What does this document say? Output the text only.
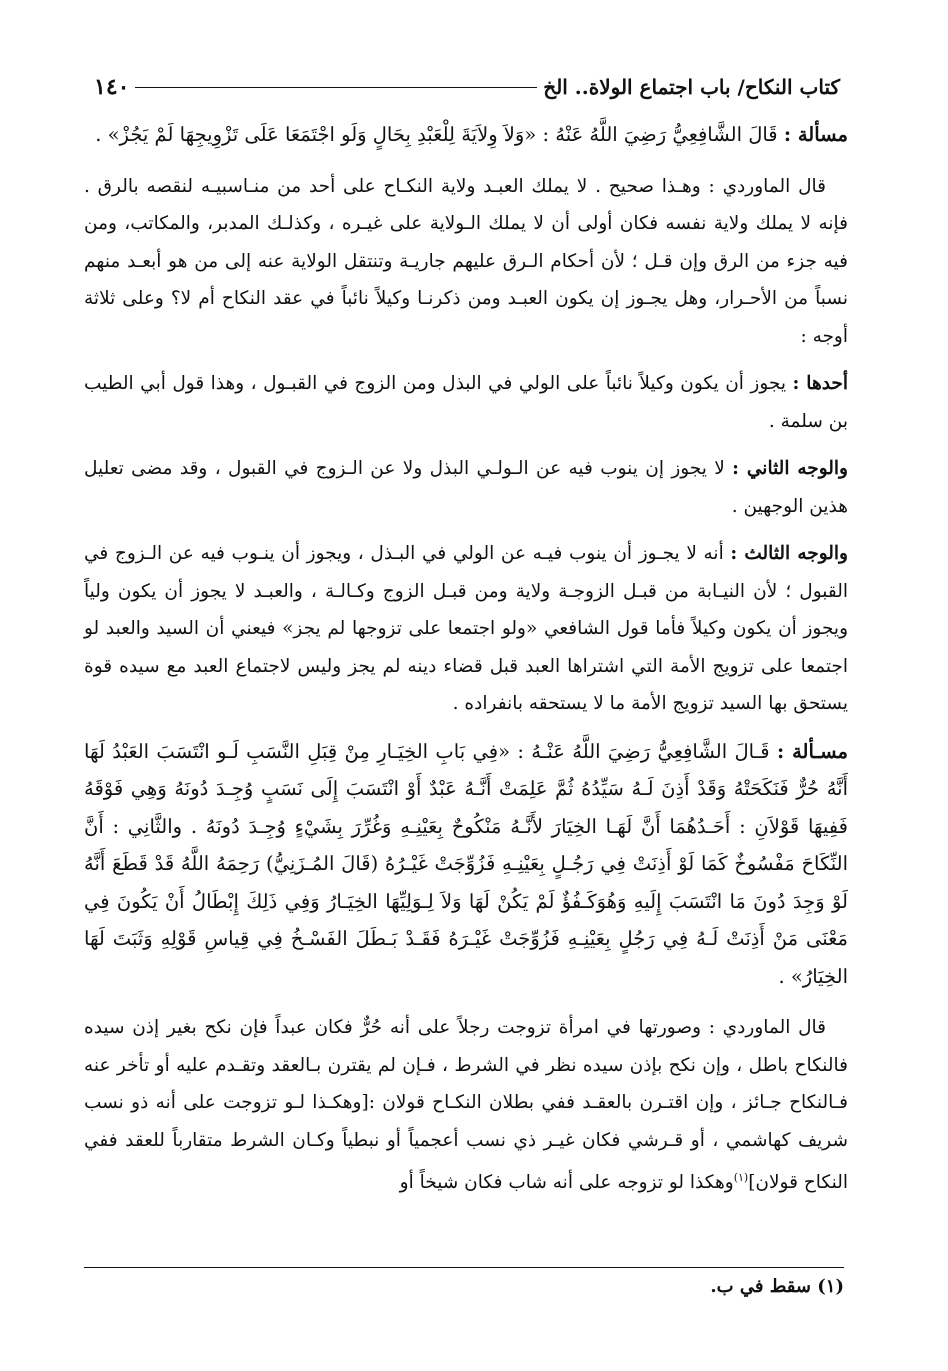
كتاب النكاح/ باب اجتماع الولاة.. الخ
١٤٠

مسألة : قَالَ الشَّافِعِيُّ رَضِيَ اللَّهُ عَنْهُ : «وَلاَ وِلاَيَةَ لِلْعَبْدِ بِحَالٍ وَلَو اجْتَمَعَا عَلَى تَزْوِيجِهَا لَمْ يَجُزْ» .

قال الماوردي : وهـذا صحيح . لا يملك العبـد ولاية النكـاح على أحد من منـاسبيـه لنقصه بالرق . فإنه لا يملك ولاية نفسه فكان أولى أن لا يملك الـولاية على غيـره ، وكذلـك المدبر، والمكاتب، ومن فيه جزء من الرق وإن قـل ؛ لأن أحكام الـرق عليهم جاريـة وتنتقل الولاية عنه إلى من هو أبعـد منهم نسباً من الأحـرار، وهل يجـوز إن يكون العبـد ومن ذكرنـا وكيلاً نائباً في عقد النكاح أم لا؟ وعلى ثلاثة أوجه :

أحدها : يجوز أن يكون وكيلاً نائباً على الولي في البذل ومن الزوج في القبـول ، وهذا قول أبي الطيب بن سلمة .

والوجه الثاني : لا يجوز إن ينوب فيه عن الـولـي البذل ولا عن الـزوج في القبول ، وقد مضى تعليل هذين الوجهين .

والوجه الثالث : أنه لا يجـوز أن ينوب فيـه عن الولي في البـذل ، ويجوز أن ينـوب فيه عن الـزوج في القبول ؛ لأن النيـابة من قبـل الزوجـة ولاية ومن قبـل الزوج وكـالـة ، والعبـد لا يجوز أن يكون ولياً ويجوز أن يكون وكيلاً فأما قول الشافعي «ولو اجتمعا على تزوجها لم يجز» فيعني أن السيد والعبد لو اجتمعا على تزويج الأمة التي اشتراها العبد قبل قضاء دينه لم يجز وليس لاجتماع العبد مع سيده قوة يستحق بها السيد تزويج الأمة ما لا يستحقه بانفراده .

مسـألة : قَـالَ الشَّافِعِيُّ رَضِيَ اللَّهُ عَنْـهُ : «فِي بَابِ الخِيَـارِ مِنْ قِبَلِ النَّسَبِ لَـو انْتَسَبَ العَبْدُ لَهَا أَنَّهُ حُرٌّ فَنَكَحَتْهُ وَقَدْ أَذِنَ لَـهُ سَيِّدُهُ ثُمَّ عَلِمَتْ أَنَّـهُ عَبْدٌ أَوْ انْتَسَبَ إِلَى نَسَبٍ وُجِـدَ دُونَهُ وَهِي فَوْقَهُ فَفِيهَا قَوْلاَنِ : أَحَـدُهُمَا أَنَّ لَهَـا الخِيَارَ لأَنَّـهُ مَنْكُوحٌ بِعَيْنِـهِ وَغُرِّرَ بِشَيْءٍ وُجِـدَ دُونَهُ . والثَّانِي : أَنَّ النِّكَاحَ مَفْسُوخٌ كَمَا لَوْ أَذِنَتْ فِي رَجُـلٍ بِعَيْنِـهِ فَزُوِّجَتْ غَيْـرُهُ (قَالَ المُـزَنِيُّ) رَحِمَهُ اللَّهُ قَدْ قَطَعَ أَنَّهُ لَوْ وَجِدَ دُونَ مَا انْتَسَبَ إِلَيهِ وَهُوَكَـفُؤٌ لَمْ يَكُنْ لَهَا وَلاَ لِـوَلِيِّهَا الخِيَـارُ وَفِي ذَلِكَ إِبْطَالُ أَنْ يَكُونَ فِي مَعْنَى مَنْ أَذِنَتْ لَـهُ فِي رَجُلٍ بِعَيْنِـهِ فَزُوِّجَتْ غَيْـرَهُ فَقَـدْ بَـطَلَ الفَسْـخُ فِي قِياسِ قَوْلِهِ وَثَبَتَ لَهَا الخِيَارُ» .

قال الماوردي : وصورتها في امرأة تزوجت رجلاً على أنه حُرٌّ فكان عبداً فإن نكح بغير إذن سيده فالنكاح باطل ، وإن نكح بإذن سيده نظر في الشرط ، فـإن لم يقترن بـالعقد وتقـدم عليه أو تأخر عنه فـالنكاح جـائز ، وإن اقتـرن بالعقـد ففي بطلان النكـاح قولان :[وهكـذا لـو تزوجت على أنه ذو نسب شريف كهاشمي ، أو قـرشي فكان غيـر ذي نسب أعجمياً أو نبطياً وكـان الشرط متقارباً للعقد ففي النكاح قولان]$^{(١)}$وهكذا لو تزوجه على أنه شاب فكان شيخاً أو

(١) سقط في ب.
